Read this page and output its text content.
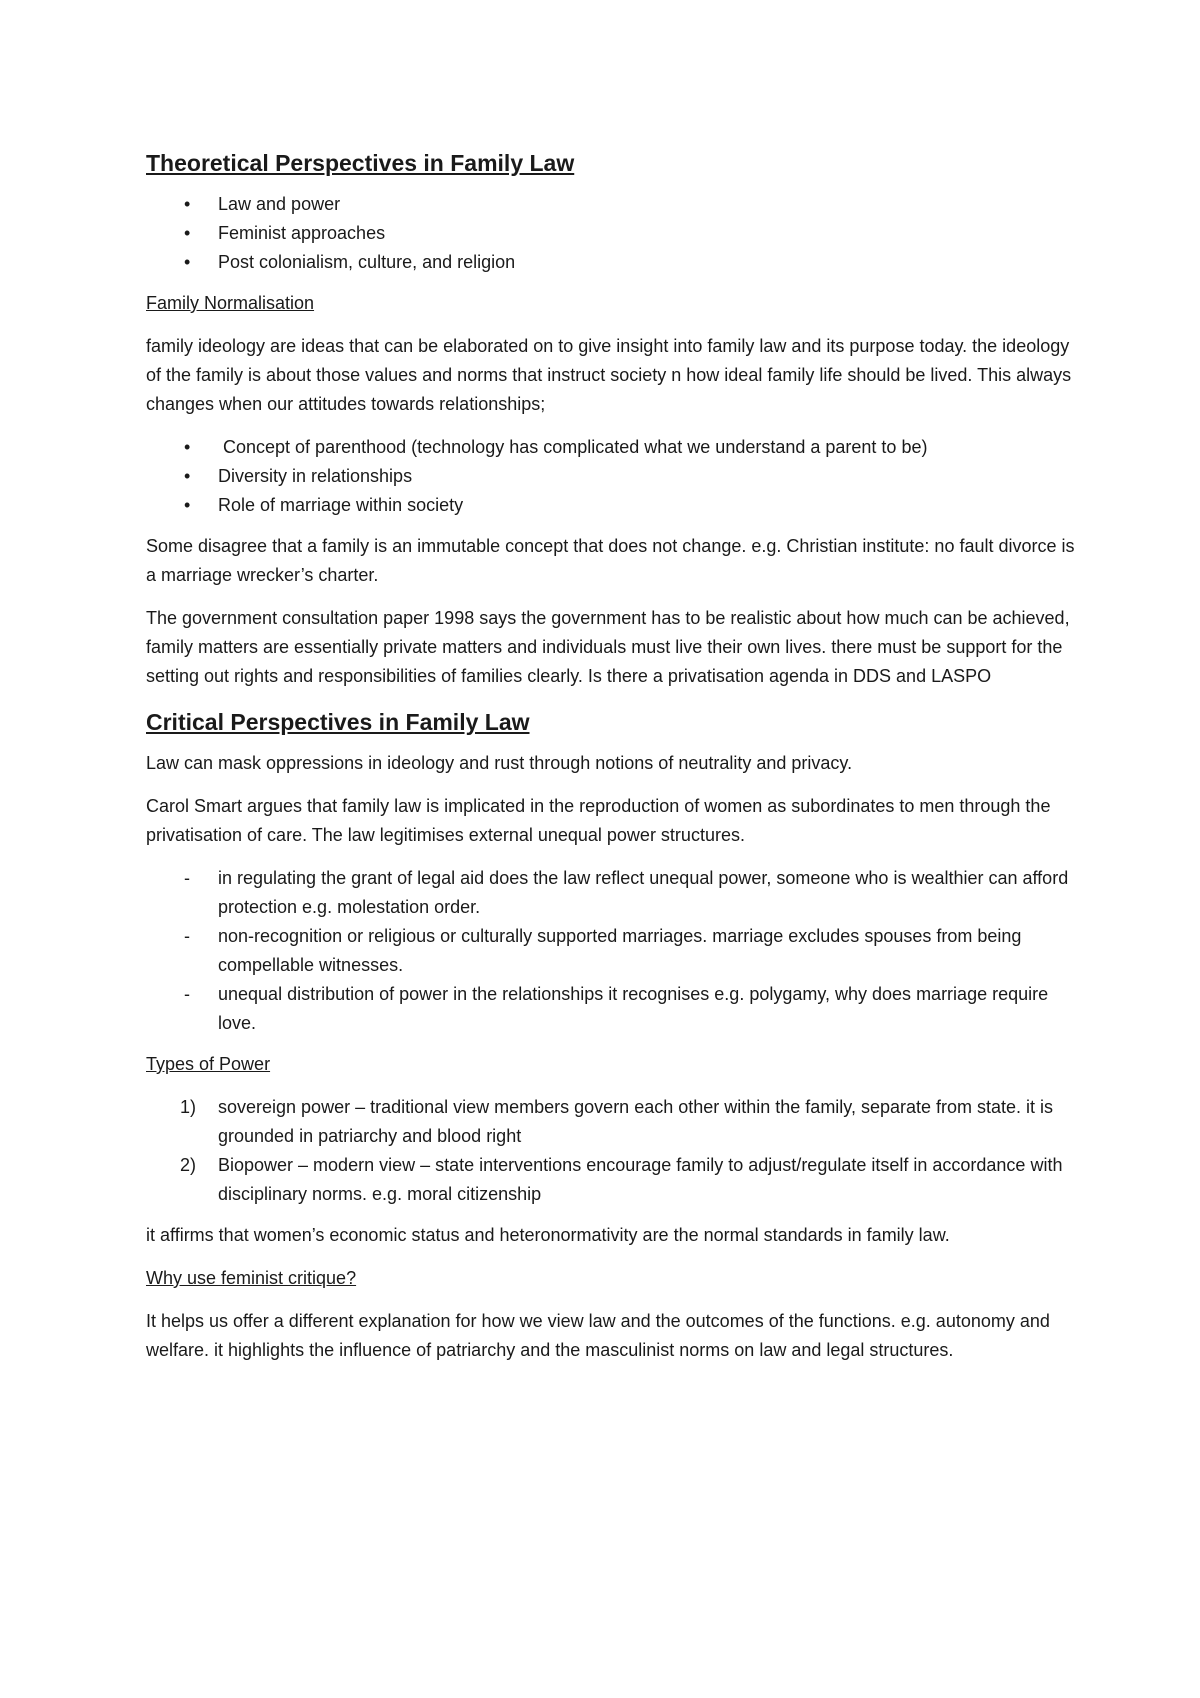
Theoretical Perspectives in Family Law
• Law and power
• Feminist approaches
• Post colonialism, culture, and religion
Family Normalisation

family ideology are ideas that can be elaborated on to give insight into family law and its purpose today. the ideology of the family is about those values and norms that instruct society n how ideal family life should be lived. This always changes when our attitudes towards relationships;

• Concept of parenthood (technology has complicated what we understand a parent to be)
• Diversity in relationships
• Role of marriage within society

Some disagree that a family is an immutable concept that does not change. e.g. Christian institute: no fault divorce is a marriage wrecker’s charter.

The government consultation paper 1998 says the government has to be realistic about how much can be achieved, family matters are essentially private matters and individuals must live their own lives. there must be support for the setting out rights and responsibilities of families clearly. Is there a privatisation agenda in DDS and LASPO

Critical Perspectives in Family Law

Law can mask oppressions in ideology and rust through notions of neutrality and privacy.

Carol Smart argues that family law is implicated in the reproduction of women as subordinates to men through the privatisation of care. The law legitimises external unequal power structures.

- in regulating the grant of legal aid does the law reflect unequal power, someone who is wealthier can afford protection e.g. molestation order.
- non-recognition or religious or culturally supported marriages. marriage excludes spouses from being compellable witnesses.
- unequal distribution of power in the relationships it recognises e.g. polygamy, why does marriage require love.
Types of Power
1) sovereign power – traditional view members govern each other within the family, separate from state. it is grounded in patriarchy and blood right
2) Biopower – modern view – state interventions encourage family to adjust/regulate itself in accordance with disciplinary norms. e.g. moral citizenship

it affirms that women’s economic status and heteronormativity are the normal standards in family law.

Why use feminist critique?

It helps us offer a different explanation for how we view law and the outcomes of the functions. e.g. autonomy and welfare. it highlights the influence of patriarchy and the masculinist norms on law and legal structures.
